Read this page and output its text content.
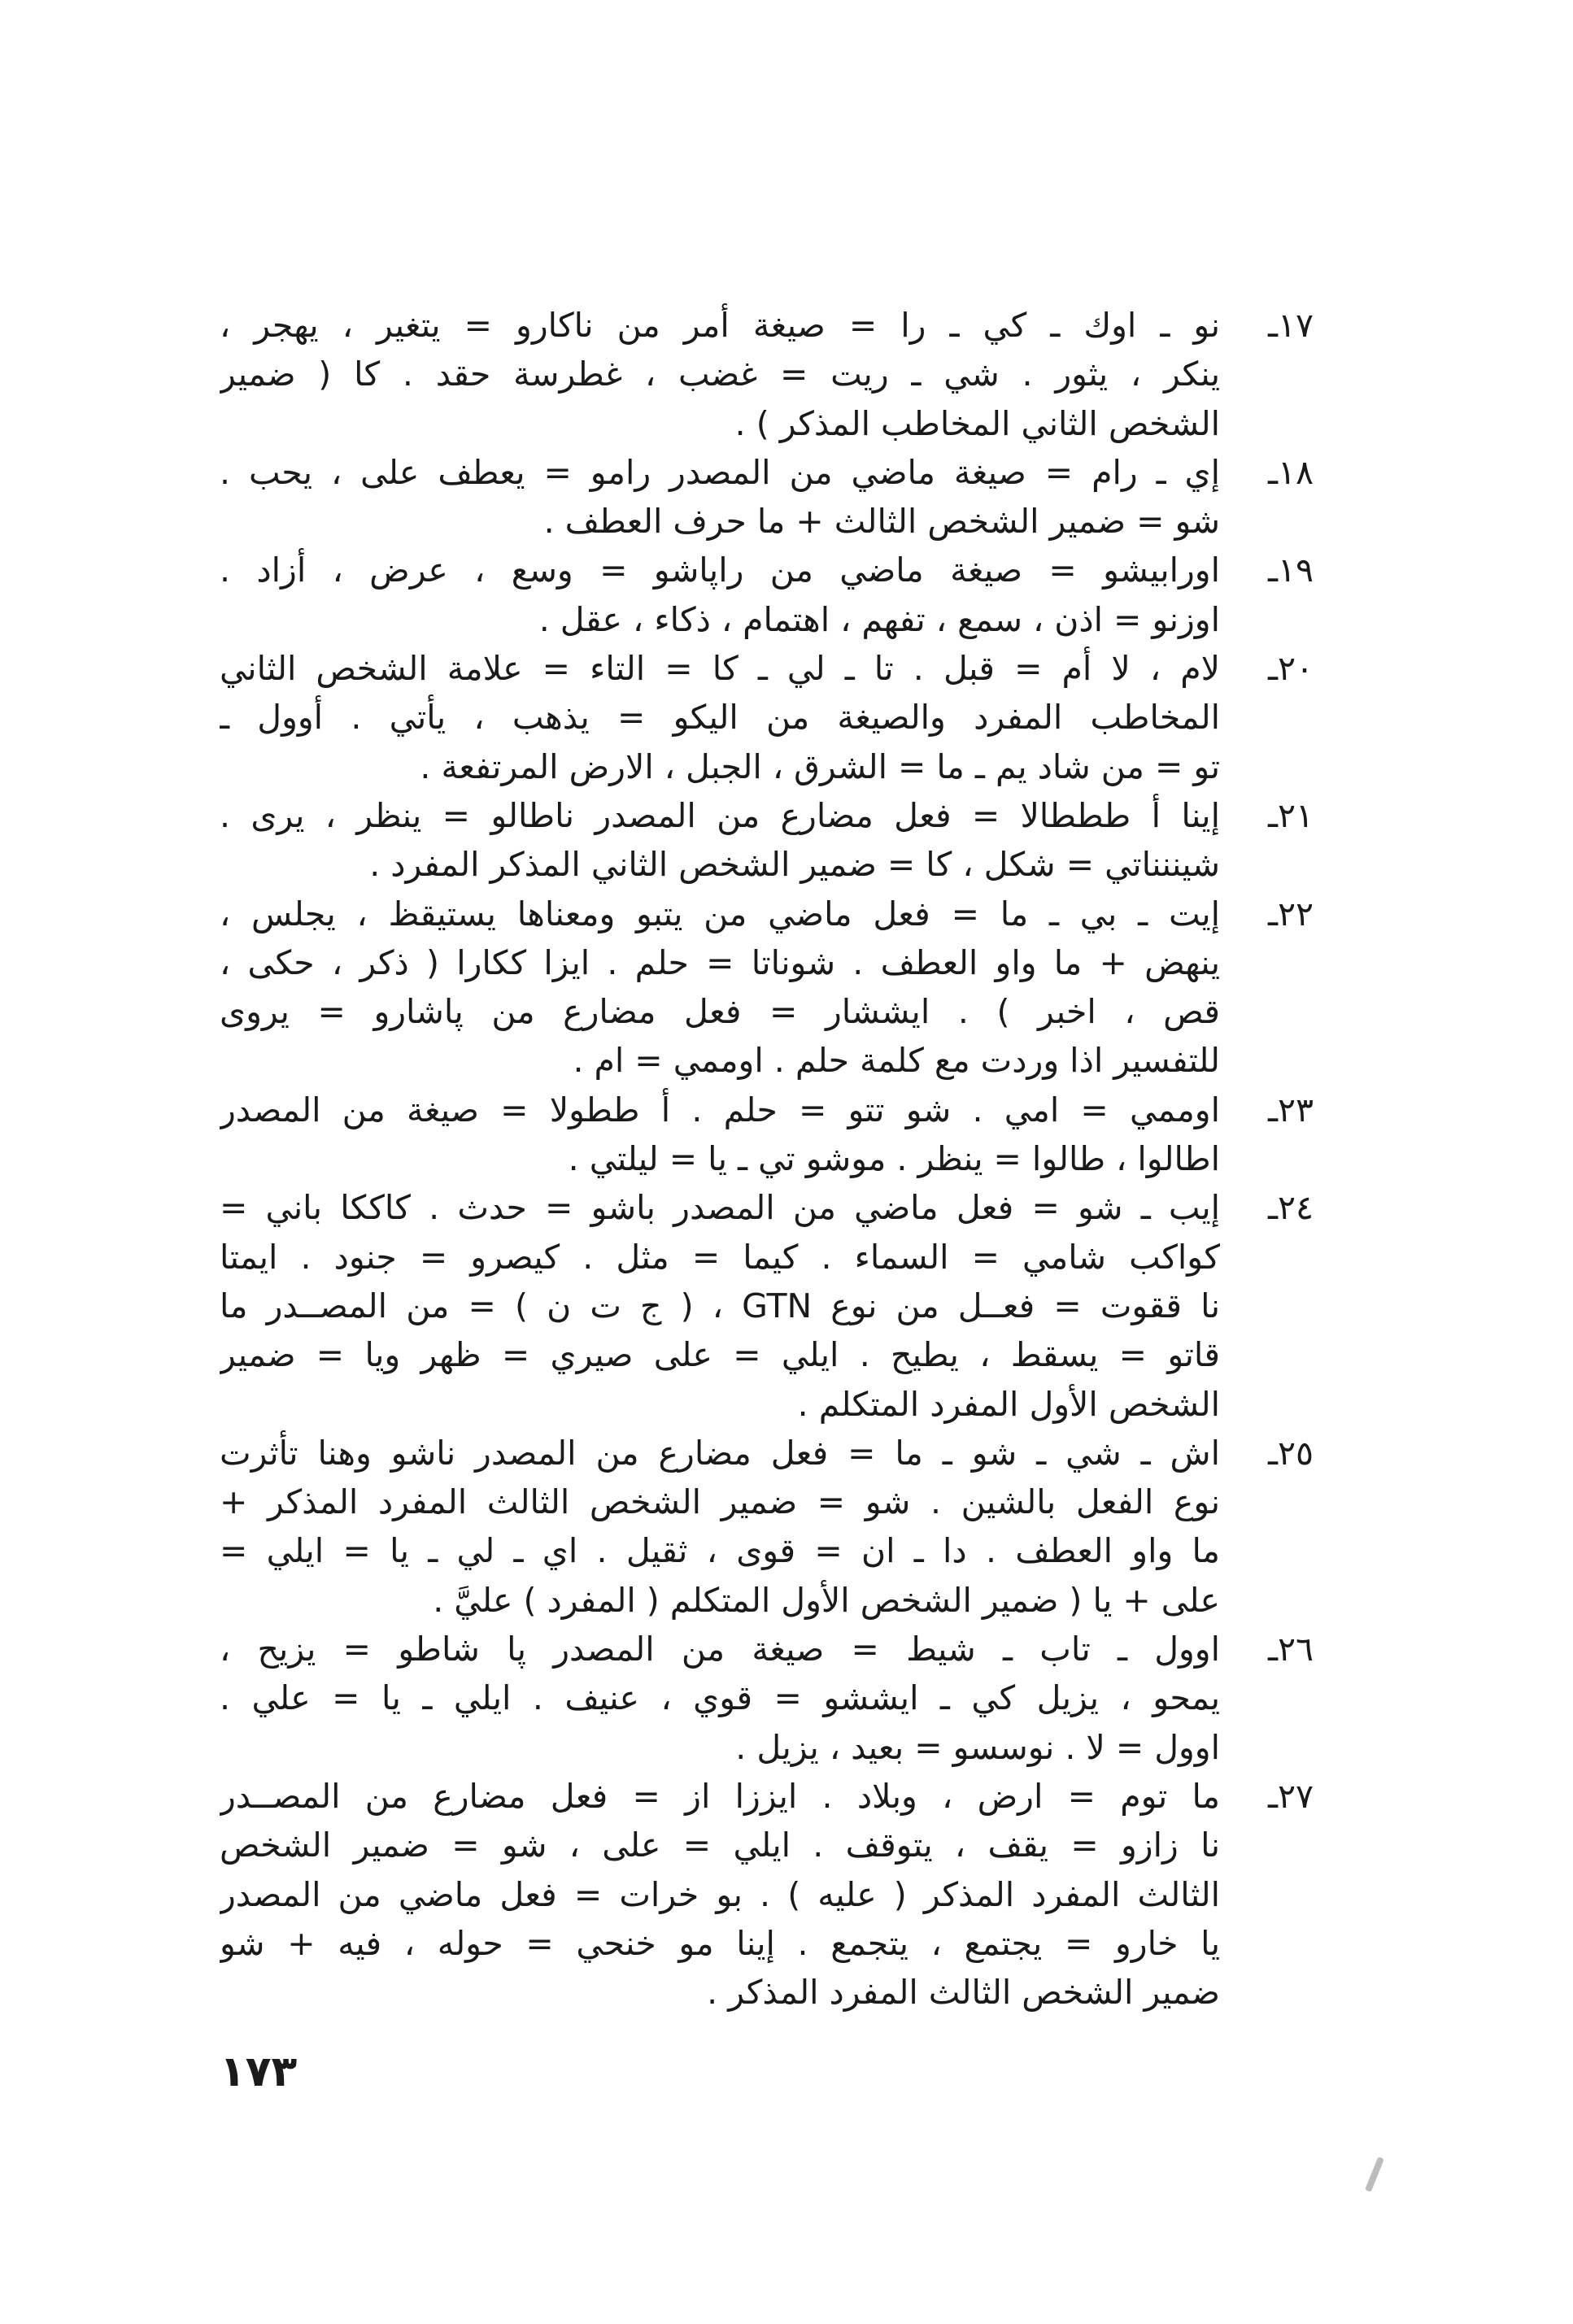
١٧ـ
نو ـ اوك ـ كي ـ را = صيغة أمر من ناكارو = يتغير ، يهجر ،
ينكر ، يثور . شي ـ ريت = غضب ، غطرسة حقد . كا ( ضمير
الشخص الثاني المخاطب المذكر ) .
١٨ـ
إي ـ رام = صيغة ماضي من المصدر رامو = يعطف على ، يحب .
شو = ضمير الشخص الثالث + ما حرف العطف .
١٩ـ
اورابيشو = صيغة ماضي من راپاشو = وسع ، عرض ، أزاد .
اوزنو = اذن ، سمع ، تفهم ، اهتمام ، ذكاء ، عقل .
٢٠ـ
لام ، لا أم = قبل . تا ـ لي ـ كا = التاء = علامة الشخص الثاني
المخاطب المفرد والصيغة من اليكو = يذهب ، يأتي . أوول ـ
تو = من شاد يم ـ ما = الشرق ، الجبل ، الارض المرتفعة .
٢١ـ
إينا أ طططالا = فعل مضارع من المصدر ناطالو = ينظر ، يرى .
شيننناتي = شكل ، كا = ضمير الشخص الثاني المذكر المفرد .
٢٢ـ
إيت ـ بي ـ ما = فعل ماضي من يتبو ومعناها يستيقظ ، يجلس ،
ينهض + ما واو العطف . شوناتا = حلم . ايزا ككارا ( ذكر ، حكى ،
قص ، اخبر ) . ايششار = فعل مضارع من پاشارو = يروى
للتفسير اذا وردت مع كلمة حلم . اوممي = ام .
٢٣ـ
اوممي = امي . شو تتو = حلم . أ ططولا = صيغة من المصدر
اطالوا ، طالوا = ينظر . موشو تي ـ يا = ليلتي .
٢٤ـ
إيب ـ شو = فعل ماضي من المصدر باشو = حدث . كاككا باني =
كواكب شامي = السماء . كيما = مثل . كيصرو = جنود . ايمتا
نا ققوت = فعــل من نوع GTN ، ( ج ت ن ) = من المصــدر ما
قاتو = يسقط ، يطيح . ايلي = على صيري = ظهر ويا = ضمير
الشخص الأول المفرد المتكلم .
٢٥ـ
اش ـ شي ـ شو ـ ما = فعل مضارع من المصدر ناشو وهنا تأثرت
نوع الفعل بالشين . شو = ضمير الشخص الثالث المفرد المذكر +
ما واو العطف . دا ـ ان = قوى ، ثقيل . اي ـ لي ـ يا = ايلي =
على + يا ( ضمير الشخص الأول المتكلم ( المفرد ) عليَّ .
٢٦ـ
اوول ـ تاب ـ شيط = صيغة من المصدر پا شاطو = يزيح ،
يمحو ، يزيل كي ـ ايششو = قوي ، عنيف . ايلي ـ يا = علي .
اوول = لا . نوسسو = بعيد ، يزيل .
٢٧ـ
ما توم = ارض ، وبلاد . ايززا از = فعل مضارع من المصــدر
نا زازو = يقف ، يتوقف . ايلي = على ، شو = ضمير الشخص
الثالث المفرد المذكر ( عليه ) . بو خرات = فعل ماضي من المصدر
يا خارو = يجتمع ، يتجمع . إينا مو خنحي = حوله ، فيه + شو
ضمير الشخص الثالث المفرد المذكر .
١٧٣
